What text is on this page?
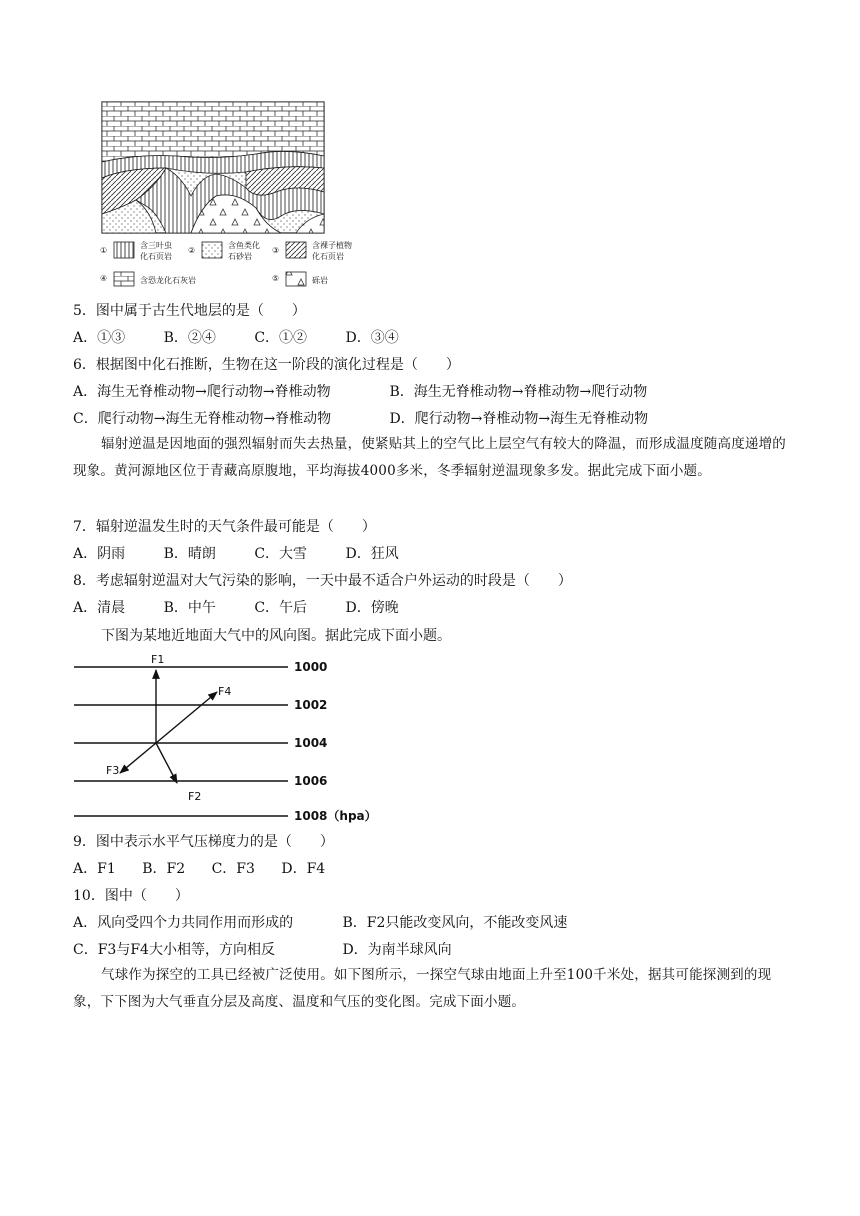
①
含三叶虫
化石页岩
②
含鱼类化
石砂岩
③
含裸子植物
化石页岩
④	含恐龙化石灰岩	⑤	砾岩
5．图中属于古生代地层的是（　　）
A．①③	B．②④	C．①②	D．③④
6．根据图中化石推断，生物在这一阶段的演化过程是（　　）
A．海生无脊椎动物→爬行动物→脊椎动物	B．海生无脊椎动物→脊椎动物→爬行动物
C．爬行动物→海生无脊椎动物→脊椎动物	D．爬行动物→脊椎动物→海生无脊椎动物
辐射逆温是因地面的强烈辐射而失去热量，使紧贴其上的空气比上层空气有较大的降温，而形成温度随高度递增的现象。黄河源地区位于青藏高原腹地，平均海拔4000多米，冬季辐射逆温现象多发。据此完成下面小题。
7．辐射逆温发生时的天气条件最可能是（　　）
A．阴雨	B．晴朗	C．大雪	D．狂风
8．考虑辐射逆温对大气污染的影响，一天中最不适合户外运动的时段是（　　）
A．清晨	B．中午	C．午后	D．傍晚
下图为某地近地面大气中的风向图。据此完成下面小题。
1000
1002
1004
1006
1008（hpa）
F1
F2
F3
F4
9．图中表示水平气压梯度力的是（　　）
A．F1 B．F2 C．F3 D．F4
10．图中（　　）
A．风向受四个力共同作用而形成的	B．F2只能改变风向，不能改变风速
C．F3与F4大小相等，方向相反	D．为南半球风向
气球作为探空的工具已经被广泛使用。如下图所示，一探空气球由地面上升至100千米处，据其可能探测到的现象，下下图为大气垂直分层及高度、温度和气压的变化图。完成下面小题。
